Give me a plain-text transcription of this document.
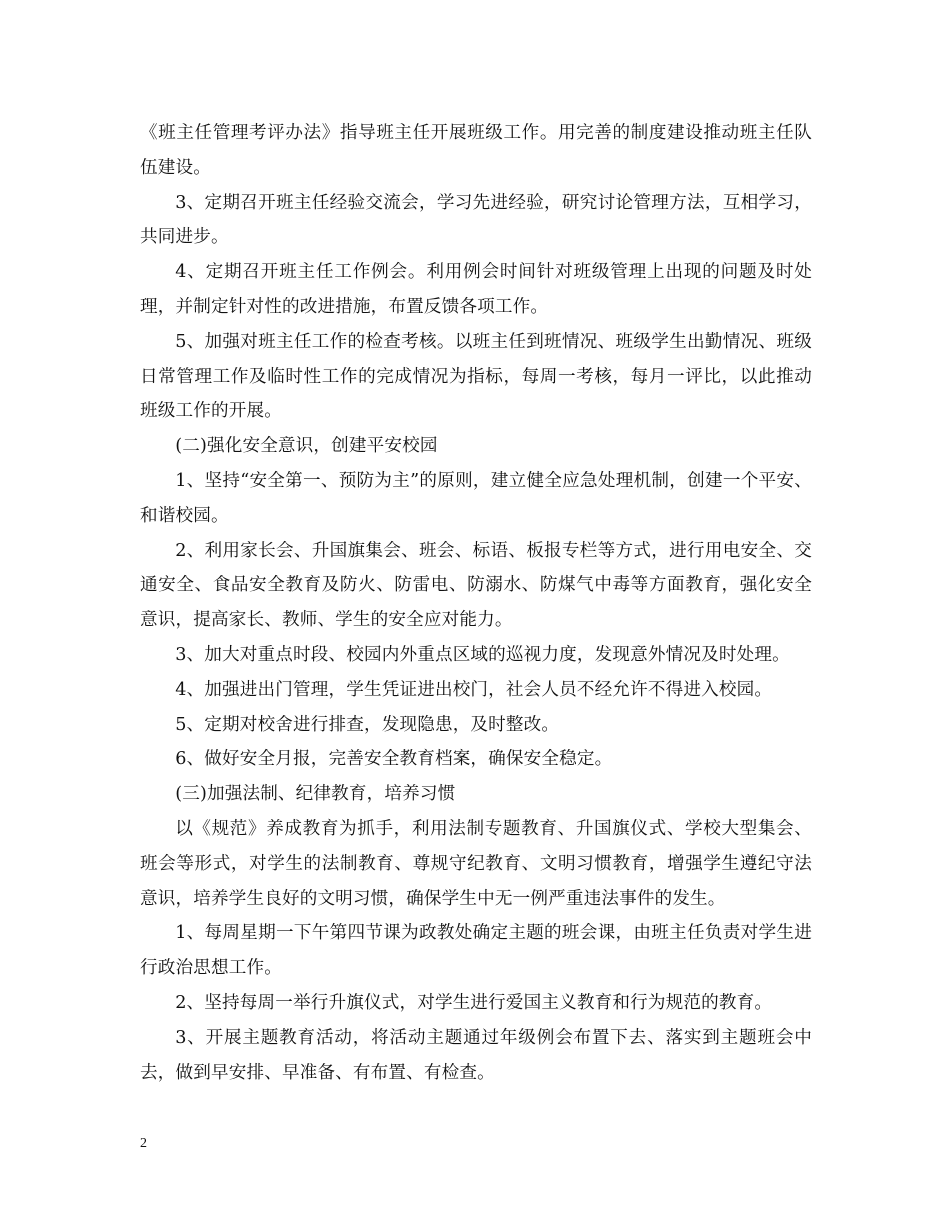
《班主任管理考评办法》指导班主任开展班级工作。用完善的制度建设推动班主任队伍建设。

3、定期召开班主任经验交流会，学习先进经验，研究讨论管理方法，互相学习，共同进步。

4、定期召开班主任工作例会。利用例会时间针对班级管理上出现的问题及时处理，并制定针对性的改进措施，布置反馈各项工作。

5、加强对班主任工作的检查考核。以班主任到班情况、班级学生出勤情况、班级日常管理工作及临时性工作的完成情况为指标，每周一考核，每月一评比，以此推动班级工作的开展。

(二)强化安全意识，创建平安校园

1、坚持“安全第一、预防为主”的原则，建立健全应急处理机制，创建一个平安、和谐校园。

2、利用家长会、升国旗集会、班会、标语、板报专栏等方式，进行用电安全、交通安全、食品安全教育及防火、防雷电、防溺水、防煤气中毒等方面教育，强化安全意识，提高家长、教师、学生的安全应对能力。

3、加大对重点时段、校园内外重点区域的巡视力度，发现意外情况及时处理。

4、加强进出门管理，学生凭证进出校门，社会人员不经允许不得进入校园。

5、定期对校舍进行排查，发现隐患，及时整改。

6、做好安全月报，完善安全教育档案，确保安全稳定。

(三)加强法制、纪律教育，培养习惯

以《规范》养成教育为抓手，利用法制专题教育、升国旗仪式、学校大型集会、班会等形式，对学生的法制教育、尊规守纪教育、文明习惯教育，增强学生遵纪守法意识，培养学生良好的文明习惯，确保学生中无一例严重违法事件的发生。

1、每周星期一下午第四节课为政教处确定主题的班会课，由班主任负责对学生进行政治思想工作。

2、坚持每周一举行升旗仪式，对学生进行爱国主义教育和行为规范的教育。

3、开展主题教育活动，将活动主题通过年级例会布置下去、落实到主题班会中去，做到早安排、早准备、有布置、有检查。

2
